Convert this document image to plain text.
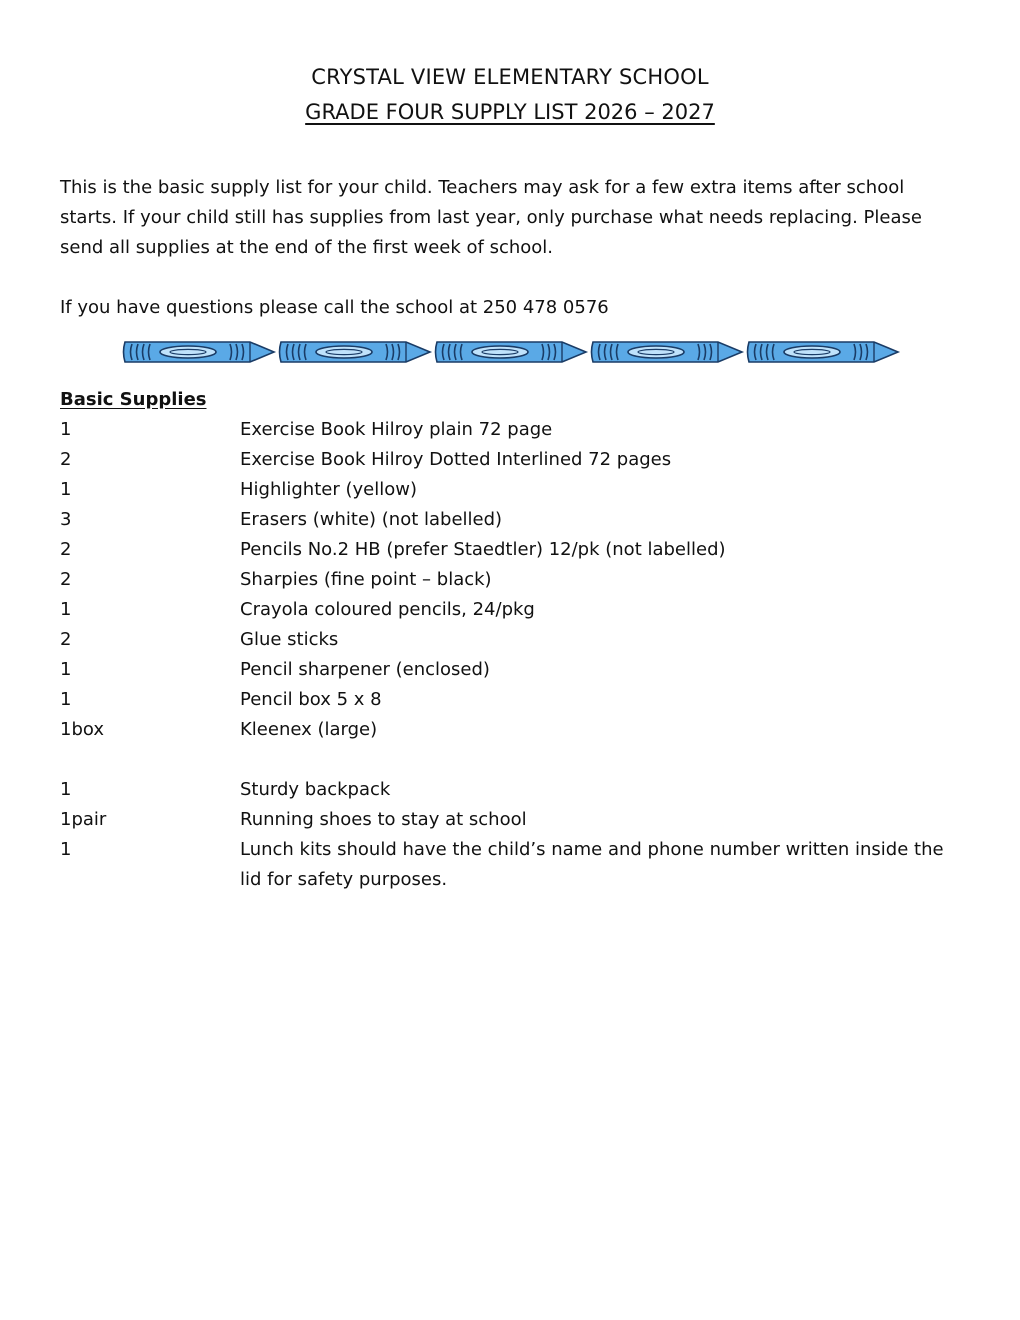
CRYSTAL VIEW ELEMENTARY SCHOOL
GRADE FOUR SUPPLY LIST 2026 – 2027

This is the basic supply list for your child. Teachers may ask for a few extra items after school starts. If your child still has supplies from last year, only purchase what needs replacing. Please send all supplies at the end of the first week of school.

If you have questions please call the school at 250 478 0576

Basic Supplies
1	Exercise Book Hilroy plain 72 page
2	Exercise Book Hilroy Dotted Interlined 72 pages
1	Highlighter (yellow)
3	Erasers (white) (not labelled)
2	Pencils No.2 HB (prefer Staedtler) 12/pk (not labelled)
2	Sharpies (fine point – black)
1	Crayola coloured pencils, 24/pkg
2	Glue sticks
1	Pencil sharpener (enclosed)
1	Pencil box 5 x 8
1box	Kleenex (large)
1	Sturdy backpack
1pair	Running shoes to stay at school
1	Lunch kits should have the child’s name and phone number written inside the lid for safety purposes.
